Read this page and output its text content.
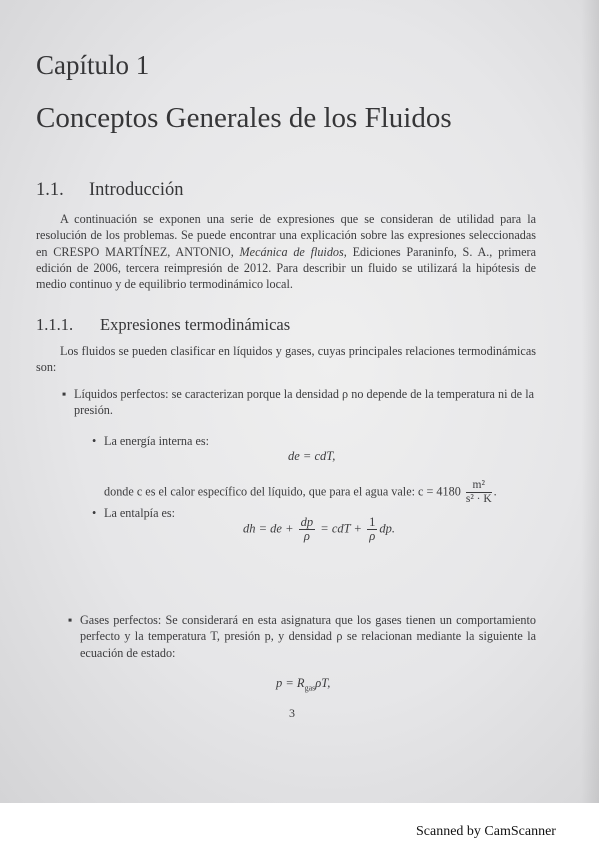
Capítulo 1
Conceptos Generales de los Fluidos
1.1. Introducción
A continuación se exponen una serie de expresiones que se consideran de utilidad para la resolución de los problemas. Se puede encontrar una explicación sobre las expresiones seleccionadas en CRESPO MARTÍNEZ, ANTONIO, Mecánica de fluidos, Ediciones Paraninfo, S. A., primera edición de 2006, tercera reimpresión de 2012. Para describir un fluido se utilizará la hipótesis de medio continuo y de equilibrio termodinámico local.
1.1.1. Expresiones termodinámicas
Los fluidos se pueden clasificar en líquidos y gases, cuyas principales relaciones termodinámicas son:
▪ Líquidos perfectos: se caracterizan porque la densidad ρ no depende de la temperatura ni de la presión.
• La energía interna es:
de = cdT,
donde c es el calor específico del líquido, que para el agua vale: $c = 4180 \frac{\text{m²}}{\text{s² · K}}$ .
• La entalpía es:
dh = de + $\frac{dp}{\rho}$ = cdT + $\frac{1}{\rho}$ dp.
▪ Gases perfectos: Se considerará en esta asignatura que los gases tienen un comportamiento perfecto y la temperatura T, presión p, y densidad ρ se relacionan mediante la siguiente la ecuación de estado:
$p = R_{gas}\rho T$,
3
Scanned by CamScanner
